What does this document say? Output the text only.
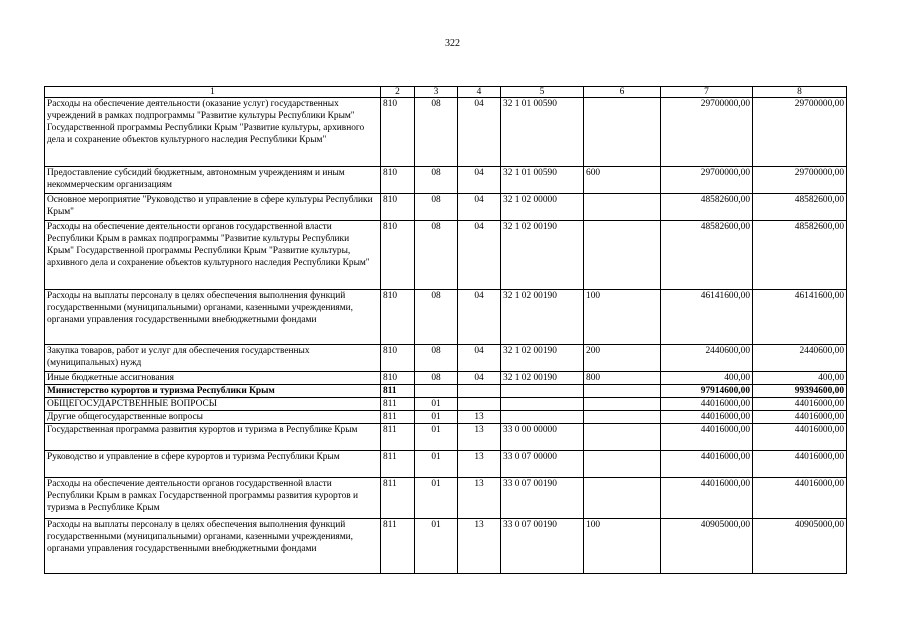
322
1	2	3	4	5	6	7	8

Расходы на обеспечение деятельности (оказание услуг) государственных учреждений в рамках подпрограммы "Развитие культуры Республики Крым" Государственной программы Республики Крым "Развитие культуры, архивного дела и сохранение объектов культурного наследия Республики Крым"	810	08	04	32 1 01 00590		29700000,00	29700000,00

Предоставление субсидий бюджетным, автономным учреждениям и иным некоммерческим организациям	810	08	04	32 1 01 00590	600	29700000,00	29700000,00

Основное мероприятие "Руководство и управление в сфере культуры Республики Крым"	810	08	04	32 1 02 00000		48582600,00	48582600,00

Расходы на обеспечение деятельности органов государственной власти Республики Крым в рамках подпрограммы "Развитие культуры Республики Крым" Государственной программы Республики Крым "Развитие культуры, архивного дела и сохранение объектов культурного наследия Республики Крым"	810	08	04	32 1 02 00190		48582600,00	48582600,00

Расходы на выплаты персоналу в целях обеспечения выполнения функций государственными (муниципальными) органами, казенными учреждениями, органами управления государственными внебюджетными фондами	810	08	04	32 1 02 00190	100	46141600,00	46141600,00

Закупка товаров, работ и услуг для обеспечения государственных (муниципальных) нужд	810	08	04	32 1 02 00190	200	2440600,00	2440600,00

Иные бюджетные ассигнования	810	08	04	32 1 02 00190	800	400,00	400,00

Министерство курортов и туризма Республики Крым	811					97914600,00	99394600,00

ОБЩЕГОСУДАРСТВЕННЫЕ ВОПРОСЫ	811	01				44016000,00	44016000,00

Другие общегосударственные вопросы	811	01	13			44016000,00	44016000,00

Государственная программа развития курортов и туризма в Республике Крым	811	01	13	33 0 00 00000		44016000,00	44016000,00

Руководство и управление в сфере курортов и туризма Республики Крым	811	01	13	33 0 07 00000		44016000,00	44016000,00

Расходы на обеспечение деятельности органов государственной власти Республики Крым в рамках Государственной программы развития курортов и туризма в Республике Крым	811	01	13	33 0 07 00190		44016000,00	44016000,00

Расходы на выплаты персоналу в целях обеспечения выполнения функций государственными (муниципальными) органами, казенными учреждениями, органами управления государственными внебюджетными фондами	811	01	13	33 0 07 00190	100	40905000,00	40905000,00
